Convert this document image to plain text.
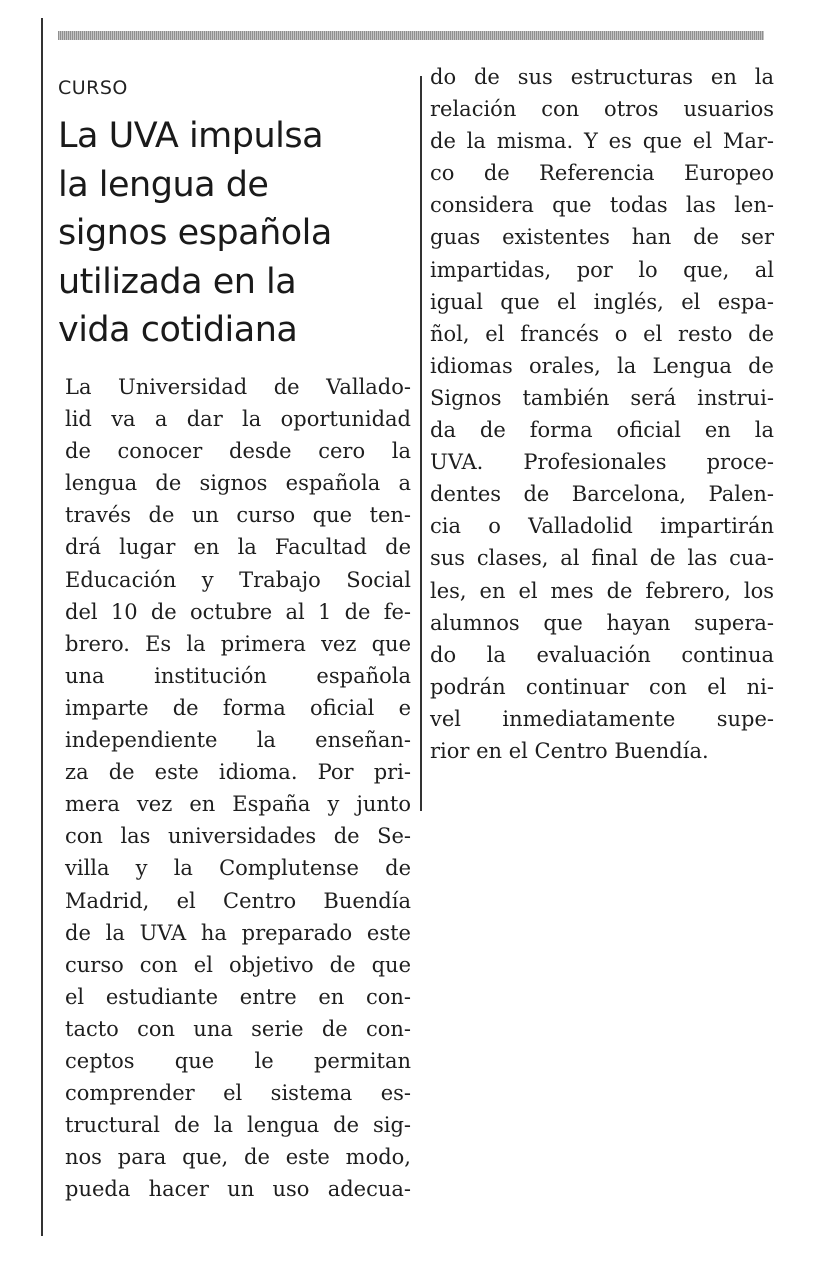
CURSO
La UVA impulsa
la lengua de
signos española
utilizada en la
vida cotidiana
La Universidad de Vallado-
lid va a dar la oportunidad
de conocer desde cero la
lengua de signos española a
través de un curso que ten-
drá lugar en la Facultad de
Educación y Trabajo Social
del 10 de octubre al 1 de fe-
brero. Es la primera vez que
una institución española
imparte de forma oficial e
independiente la enseñan-
za de este idioma. Por pri-
mera vez en España y junto
con las universidades de Se-
villa y la Complutense de
Madrid, el Centro Buendía
de la UVA ha preparado este
curso con el objetivo de que
el estudiante entre en con-
tacto con una serie de con-
ceptos que le permitan
comprender el sistema es-
tructural de la lengua de sig-
nos para que, de este modo,
pueda hacer un uso adecua-
do de sus estructuras en la
relación con otros usuarios
de la misma. Y es que el Mar-
co de Referencia Europeo
considera que todas las len-
guas existentes han de ser
impartidas, por lo que, al
igual que el inglés, el espa-
ñol, el francés o el resto de
idiomas orales, la Lengua de
Signos también será instrui-
da de forma oficial en la
UVA. Profesionales proce-
dentes de Barcelona, Palen-
cia o Valladolid impartirán
sus clases, al final de las cua-
les, en el mes de febrero, los
alumnos que hayan supera-
do la evaluación continua
podrán continuar con el ni-
vel inmediatamente supe-
rior en el Centro Buendía.
